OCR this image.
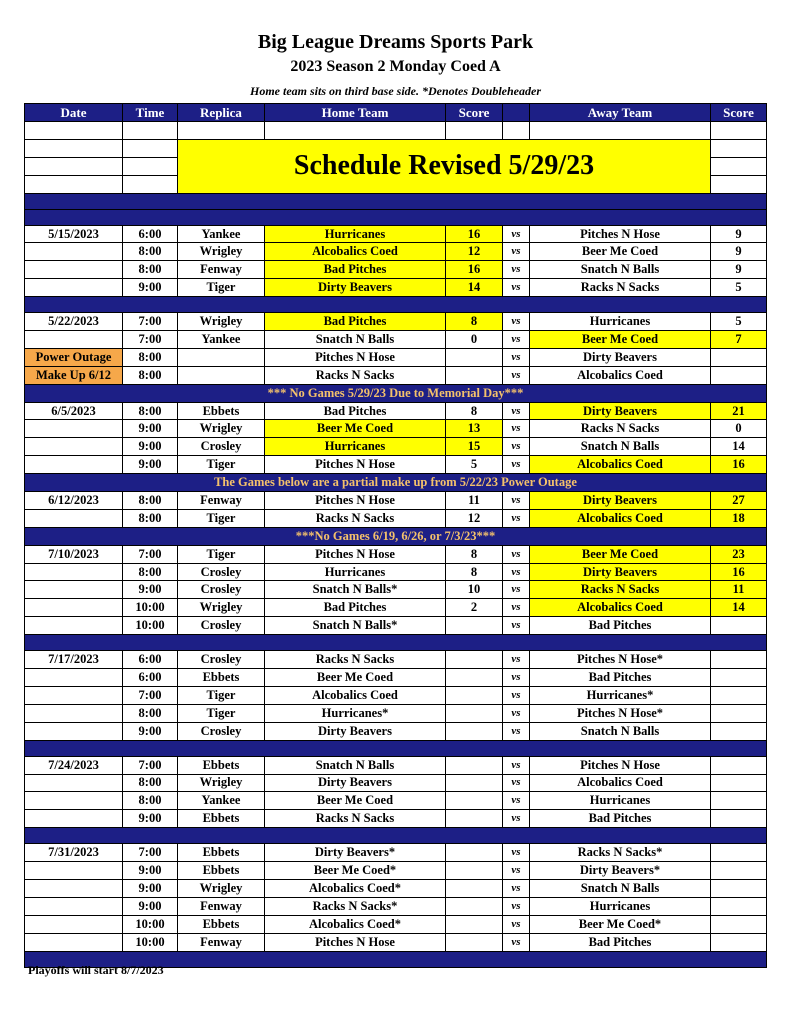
Big League Dreams Sports Park
2023 Season 2 Monday Coed A
Home team sits on third base side. *Denotes Doubleheader
Date	Time	Replica	Home Team	Score		Away Team	Score

		Schedule Revised 5/29/23					

5/15/2023	6:00	Yankee	Hurricanes	16	vs	Pitches N Hose	9
	8:00	Wrigley	Alcobalics Coed	12	vs	Beer Me Coed	9
	8:00	Fenway	Bad Pitches	16	vs	Snatch N Balls	9
	9:00	Tiger	Dirty Beavers	14	vs	Racks N Sacks	5

5/22/2023	7:00	Wrigley	Bad Pitches	8	vs	Hurricanes	5
	7:00	Yankee	Snatch N Balls	0	vs	Beer Me Coed	7
Power Outage	8:00		Pitches N Hose		vs	Dirty Beavers	
Make Up 6/12	8:00		Racks N Sacks		vs	Alcobalics Coed	
*** No Games 5/29/23 Due to Memorial Day***							
6/5/2023	8:00	Ebbets	Bad Pitches	8	vs	Dirty Beavers	21
	9:00	Wrigley	Beer Me Coed	13	vs	Racks N Sacks	0
	9:00	Crosley	Hurricanes	15	vs	Snatch N Balls	14
	9:00	Tiger	Pitches N Hose	5	vs	Alcobalics Coed	16
The Games below are a partial make up from 5/22/23 Power Outage							
6/12/2023	8:00	Fenway	Pitches N Hose	11	vs	Dirty Beavers	27
	8:00	Tiger	Racks N Sacks	12	vs	Alcobalics Coed	18
***No Games 6/19, 6/26, or 7/3/23***							
7/10/2023	7:00	Tiger	Pitches N Hose	8	vs	Beer Me Coed	23
	8:00	Crosley	Hurricanes	8	vs	Dirty Beavers	16
	9:00	Crosley	Snatch N Balls*	10	vs	Racks N Sacks	11
	10:00	Wrigley	Bad Pitches	2	vs	Alcobalics Coed	14
	10:00	Crosley	Snatch N Balls*		vs	Bad Pitches	

7/17/2023	6:00	Crosley	Racks N Sacks		vs	Pitches N Hose*	
	6:00	Ebbets	Beer Me Coed		vs	Bad Pitches	
	7:00	Tiger	Alcobalics Coed		vs	Hurricanes*	
	8:00	Tiger	Hurricanes*		vs	Pitches N Hose*	
	9:00	Crosley	Dirty Beavers		vs	Snatch N Balls	

7/24/2023	7:00	Ebbets	Snatch N Balls		vs	Pitches N Hose	
	8:00	Wrigley	Dirty Beavers		vs	Alcobalics Coed	
	8:00	Yankee	Beer Me Coed		vs	Hurricanes	
	9:00	Ebbets	Racks N Sacks		vs	Bad Pitches	

7/31/2023	7:00	Ebbets	Dirty Beavers*		vs	Racks N Sacks*	
	9:00	Ebbets	Beer Me Coed*		vs	Dirty Beavers*	
	9:00	Wrigley	Alcobalics Coed*		vs	Snatch N Balls	
	9:00	Fenway	Racks N Sacks*		vs	Hurricanes	
	10:00	Ebbets	Alcobalics Coed*		vs	Beer Me Coed*	
	10:00	Fenway	Pitches N Hose		vs	Bad Pitches	

Playoffs will start 8/7/2023
